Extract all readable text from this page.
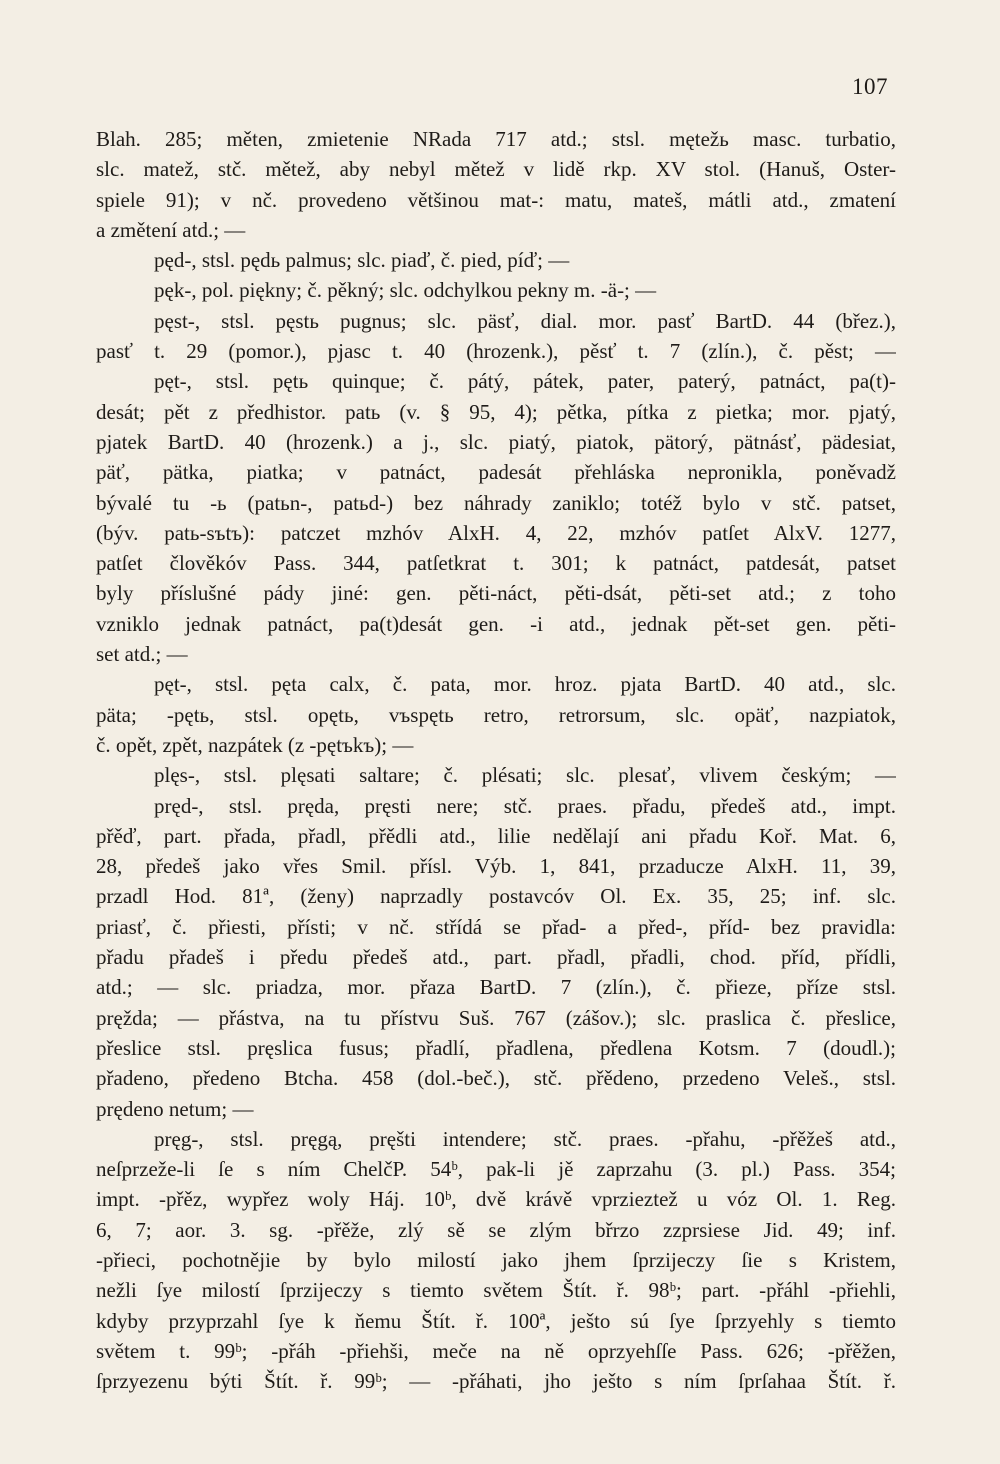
107
Blah. 285; měten, zmietenie NRada 717 atd.; stsl. mętežь masc. turbatio,
slc. matež, stč. mětež, aby nebyl mětež v lidě rkp. XV stol. (Hanuš, Oster-
spiele 91); v nč. provedeno většinou mat-: matu, mateš, mátli atd., zmatení
a změtení atd.; —
pęd-, stsl. pędь palmus; slc. piaď, č. pied, píď; —
pęk-, pol. piękny; č. pěkný; slc. odchylkou pekny m. -ä-; —
pęst-, stsl. pęstь pugnus; slc. päsť, dial. mor. pasť BartD. 44 (břez.),
pasť t. 29 (pomor.), pjasc t. 40 (hrozenk.), pěsť t. 7 (zlín.), č. pěst; —
pęt-, stsl. pętь quinque; č. pátý, pátek, pater, paterý, patnáct, pa(t)-
desát; pět z předhistor. patь (v. § 95, 4); pětka, pítka z pietka; mor. pjatý,
pjatek BartD. 40 (hrozenk.) a j., slc. piatý, piatok, pätorý, pätnásť, pädesiat,
päť, pätka, piatka; v patnáct, padesát přehláska nepronikla, poněvadž
bývalé tu -ь (patьn-, patьd-) bez náhrady zaniklo; totéž bylo v stč. patset,
(býv. patь-sъtъ): patczet mzhóv AlxH. 4, 22, mzhóv patſet AlxV. 1277,
patſet člověkóv Pass. 344, patſetkrat t. 301; k patnáct, patdesát, patset
byly příslušné pády jiné: gen. pěti-náct, pěti-dsát, pěti-set atd.; z toho
vzniklo jednak patnáct, pa(t)desát gen. -i atd., jednak pět-set gen. pěti-
set atd.; —
pęt-, stsl. pęta calx, č. pata, mor. hroz. pjata BartD. 40 atd., slc.
päta; -pętь, stsl. opętь, vъspętь retro, retrorsum, slc. opäť, nazpiatok,
č. opět, zpět, nazpátek (z -pętъkъ); —
plęs-, stsl. plęsati saltare; č. plésati; slc. plesať, vlivem českým; —
pręd-, stsl. pręda, pręsti nere; stč. praes. přadu, předeš atd., impt.
přěď, part. přada, přadl, přědli atd., lilie nedělají ani přadu Koř. Mat. 6,
28, předeš jako vřes Smil. přísl. Výb. 1, 841, przaducze AlxH. 11, 39,
przadl Hod. 81ª, (ženy) naprzadly postavcóv Ol. Ex. 35, 25; inf. slc.
priasť, č. přiesti, přísti; v nč. střídá se přad- a před-, příd- bez pravidla:
přadu přadeš i předu předeš atd., part. přadl, přadli, chod. příd, přídli,
atd.; — slc. priadza, mor. přaza BartD. 7 (zlín.), č. přieze, příze stsl.
pręžda; — přástva, na tu přístvu Suš. 767 (zášov.); slc. praslica č. přeslice,
přeslice stsl. pręslica fusus; přadlí, přadlena, předlena Kotsm. 7 (doudl.);
přadeno, předeno Btcha. 458 (dol.-beč.), stč. přědeno, przedeno Veleš., stsl.
prędeno netum; —
pręg-, stsl. pręgą, pręšti intendere; stč. praes. -přahu, -přěžeš atd.,
neſprzeže-li ſe s ním ChelčP. 54ᵇ, pak-li jě zaprzahu (3. pl.) Pass. 354;
impt. -přěz, wypřez woly Háj. 10ᵇ, dvě krávě vprzieztež u vóz Ol. 1. Reg.
6, 7; aor. 3. sg. -přěže, zlý sě se zlým břrzo zzprsiese Jid. 49; inf.
-přieci, pochotnějie by bylo milostí jako jhem ſprzijeczy ſie s Kristem,
nežli ſye milostí ſprzijeczy s tiemto světem Štít. ř. 98ᵇ; part. -přáhl -přiehli,
kdyby przyprzahl ſye k ňemu Štít. ř. 100ª, ješto sú ſye ſprzyehly s tiemto
světem t. 99ᵇ; -přáh -přiehši, meče na ně oprzyehſſe Pass. 626; -přěžen,
ſprzyezenu býti Štít. ř. 99ᵇ; — -přáhati, jho ješto s ním ſprſahaa Štít. ř.
